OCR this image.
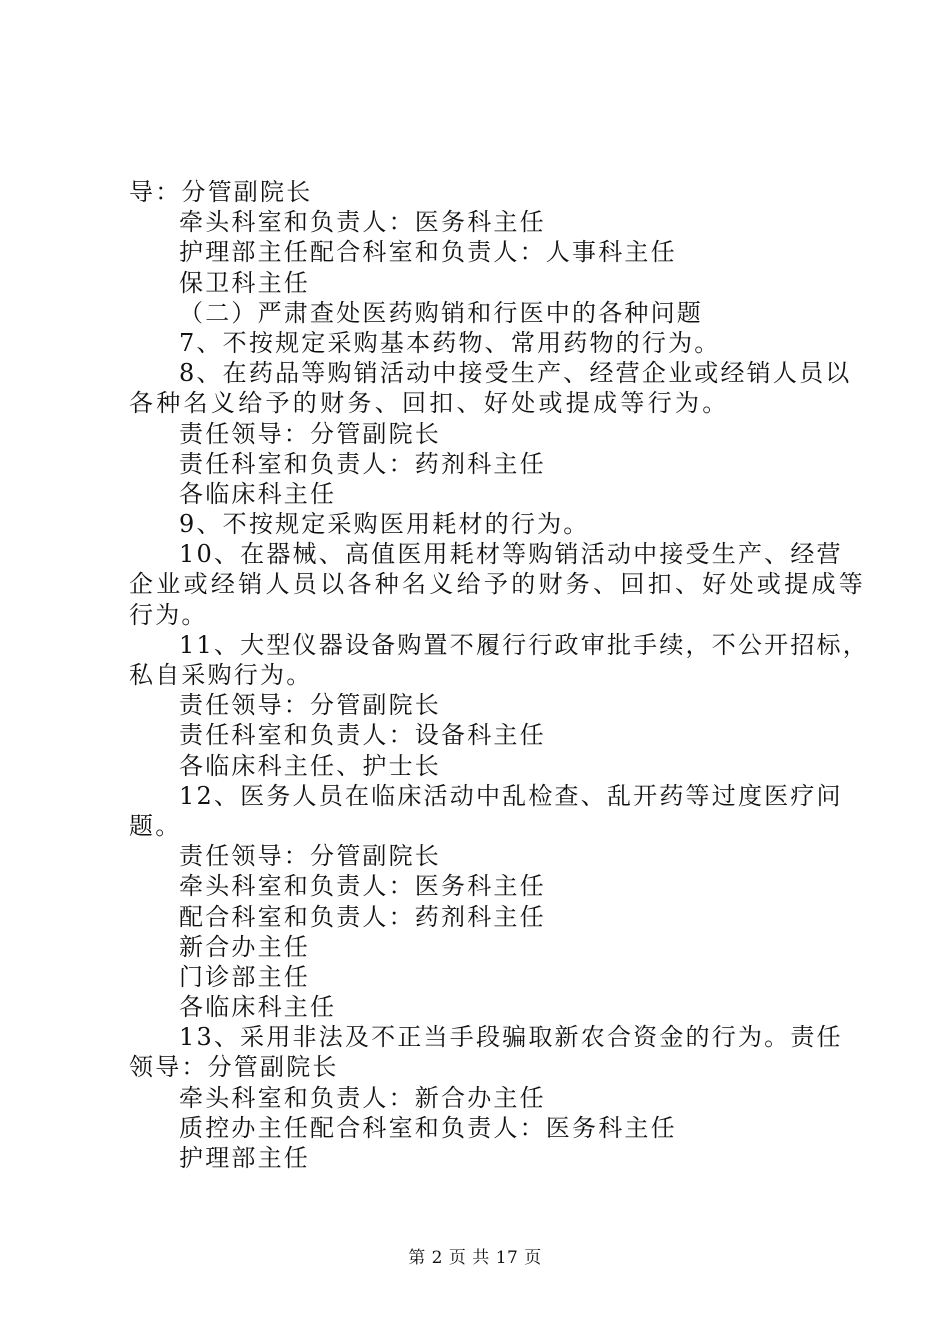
导：分管副院长
牵头科室和负责人：医务科主任
护理部主任配合科室和负责人：人事科主任
保卫科主任
（二）严肃查处医药购销和行医中的各种问题
7、不按规定采购基本药物、常用药物的行为。
8、在药品等购销活动中接受生产、经营企业或经销人员以
各种名义给予的财务、回扣、好处或提成等行为。
责任领导：分管副院长
责任科室和负责人：药剂科主任
各临床科主任
9、不按规定采购医用耗材的行为。
10、在器械、高值医用耗材等购销活动中接受生产、经营
企业或经销人员以各种名义给予的财务、回扣、好处或提成等
行为。
11、大型仪器设备购置不履行行政审批手续，不公开招标，
私自采购行为。
责任领导：分管副院长
责任科室和负责人：设备科主任
各临床科主任、护士长
12、医务人员在临床活动中乱检查、乱开药等过度医疗问
题。
责任领导：分管副院长
牵头科室和负责人：医务科主任
配合科室和负责人：药剂科主任
新合办主任
门诊部主任
各临床科主任
13、采用非法及不正当手段骗取新农合资金的行为。责任
领导：分管副院长
牵头科室和负责人：新合办主任
质控办主任配合科室和负责人：医务科主任
护理部主任
第 2 页 共 17 页
